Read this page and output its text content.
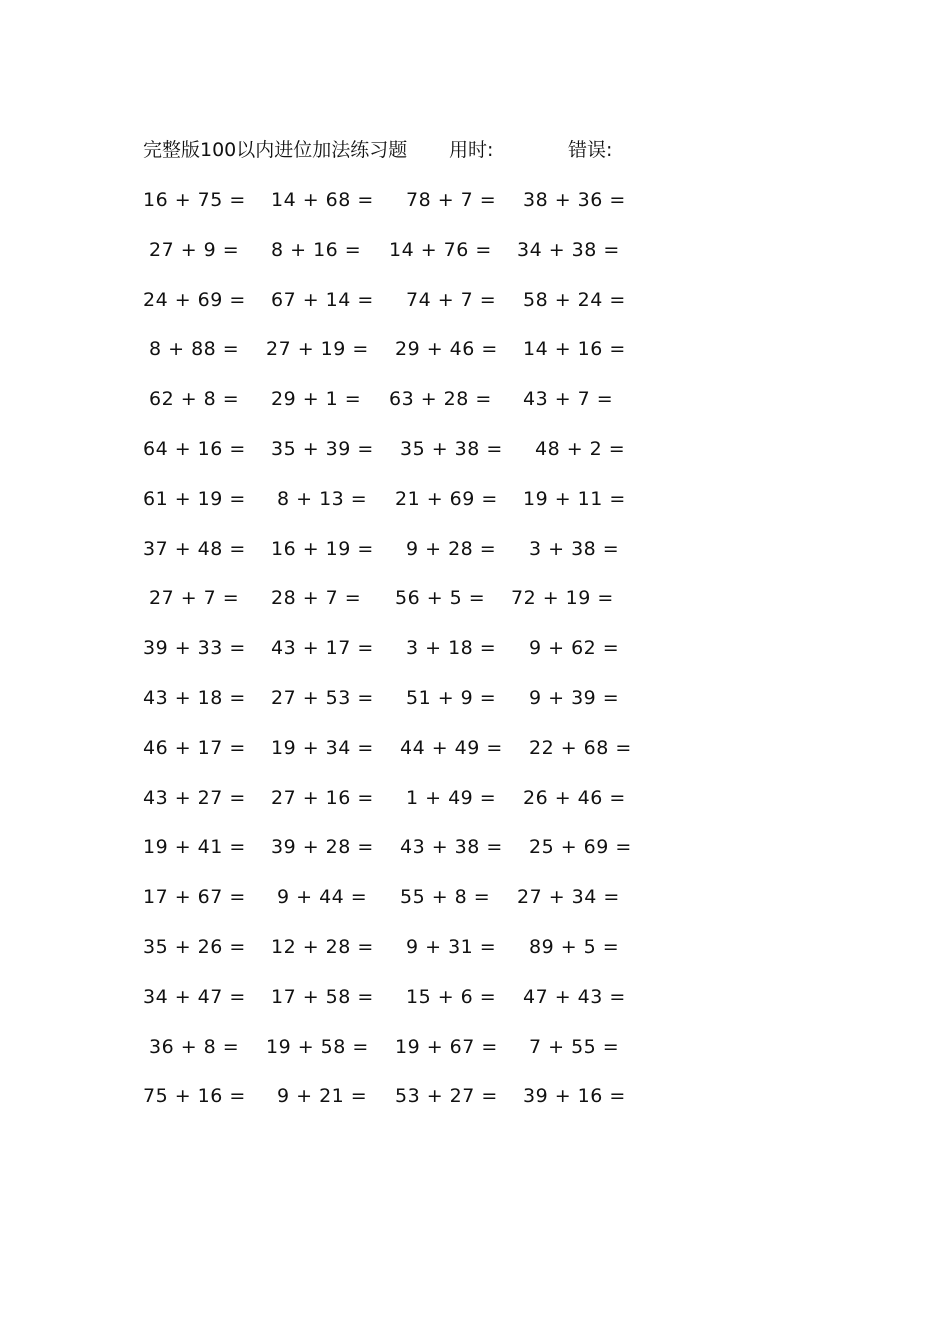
完整版100以内进位加法练习题 用时:	错误:
16 + 75 = 14 + 68 = 78 + 7 = 38 + 36 =
27 + 9 = 8 + 16 = 14 + 76 = 34 + 38 =
24 + 69 = 67 + 14 = 74 + 7 = 58 + 24 =
8 + 88 = 27 + 19 = 29 + 46 = 14 + 16 =
62 + 8 = 29 + 1 = 63 + 28 = 43 + 7 =
64 + 16 = 35 + 39 = 35 + 38 = 48 + 2 =
61 + 19 = 8 + 13 = 21 + 69 = 19 + 11 =
37 + 48 = 16 + 19 = 9 + 28 = 3 + 38 =
27 + 7 = 28 + 7 = 56 + 5 = 72 + 19 =
39 + 33 = 43 + 17 = 3 + 18 = 9 + 62 =
43 + 18 = 27 + 53 = 51 + 9 = 9 + 39 =
46 + 17 = 19 + 34 = 44 + 49 = 22 + 68 =
43 + 27 = 27 + 16 = 1 + 49 = 26 + 46 =
19 + 41 = 39 + 28 = 43 + 38 = 25 + 69 =
17 + 67 = 9 + 44 = 55 + 8 = 27 + 34 =
35 + 26 = 12 + 28 = 9 + 31 = 89 + 5 =
34 + 47 = 17 + 58 = 15 + 6 = 47 + 43 =
36 + 8 = 19 + 58 = 19 + 67 = 7 + 55 =
75 + 16 = 9 + 21 = 53 + 27 = 39 + 16 =
